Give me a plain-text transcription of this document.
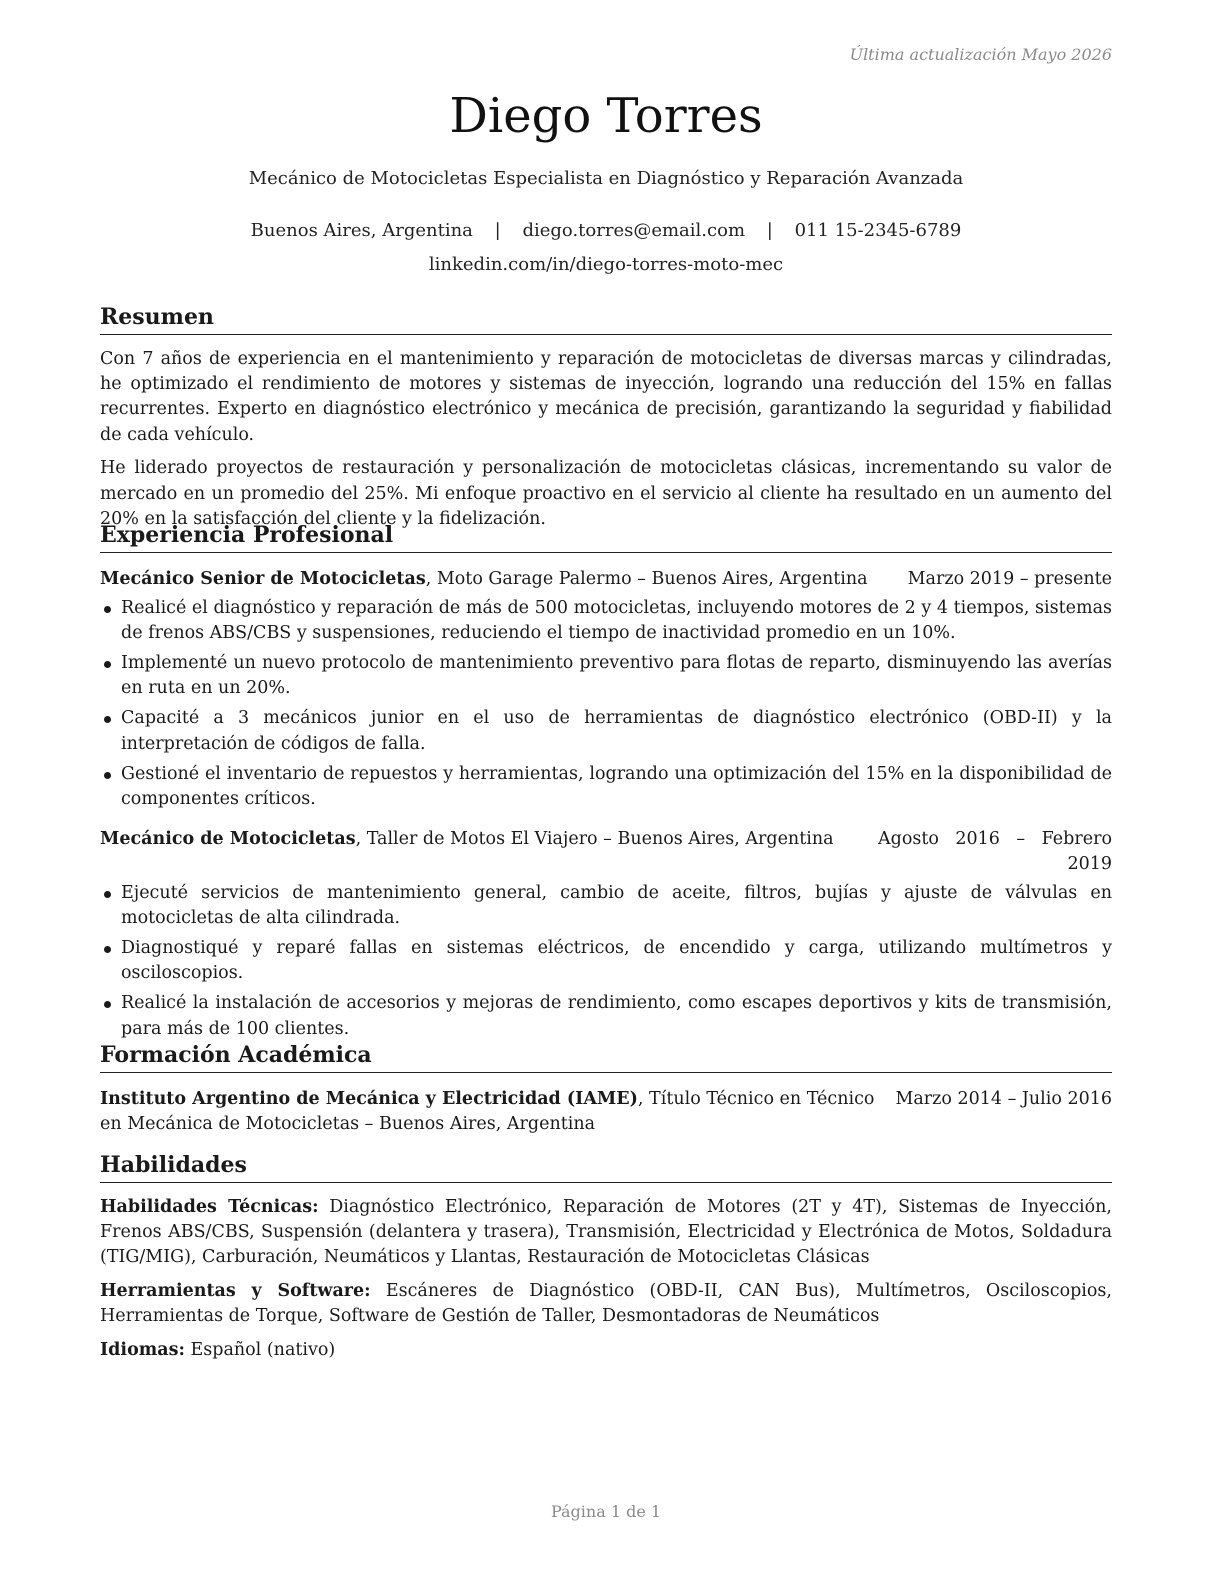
Última actualización Mayo 2026
Diego Torres
Mecánico de Motocicletas Especialista en Diagnóstico y Reparación Avanzada
Buenos Aires, Argentina | diego.torres@email.com | 011 15-2345-6789
linkedin.com/in/diego-torres-moto-mec
Resumen

Con 7 años de experiencia en el mantenimiento y reparación de motocicletas de diversas marcas y cilindradas, he optimizado el rendimiento de motores y sistemas de inyección, logrando una reducción del 15% en fallas recurrentes. Experto en diagnóstico electrónico y mecánica de precisión, garantizando la seguridad y fiabilidad de cada vehículo.

He liderado proyectos de restauración y personalización de motocicletas clásicas, incrementando su valor de mercado en un promedio del 25%. Mi enfoque proactivo en el servicio al cliente ha resultado en un aumento del 20% en la satisfacción del cliente y la fidelización.

Experiencia Profesional
Mecánico Senior de Motocicletas, Moto Garage Palermo – Buenos Aires, Argentina	Marzo 2019 – presente
Realicé el diagnóstico y reparación de más de 500 motocicletas, incluyendo motores de 2 y 4 tiempos, sistemas de frenos ABS/CBS y suspensiones, reduciendo el tiempo de inactividad promedio en un 10%.
Implementé un nuevo protocolo de mantenimiento preventivo para flotas de reparto, disminuyendo las averías en ruta en un 20%.
Capacité a 3 mecánicos junior en el uso de herramientas de diagnóstico electrónico (OBD-II) y la interpretación de códigos de falla.
Gestioné el inventario de repuestos y herramientas, logrando una optimización del 15% en la disponibilidad de componentes críticos.
Mecánico de Motocicletas, Taller de Motos El Viajero – Buenos Aires, Argentina	Agosto 2016 – Febrero 2019
Ejecuté servicios de mantenimiento general, cambio de aceite, filtros, bujías y ajuste de válvulas en motocicletas de alta cilindrada.
Diagnostiqué y reparé fallas en sistemas eléctricos, de encendido y carga, utilizando multímetros y osciloscopios.
Realicé la instalación de accesorios y mejoras de rendimiento, como escapes deportivos y kits de transmisión, para más de 100 clientes.
Formación Académica
Instituto Argentino de Mecánica y Electricidad (IAME), Título Técnico en Técnico en Mecánica de Motocicletas – Buenos Aires, Argentina
Marzo 2014 – Julio 2016
Habilidades

Habilidades Técnicas: Diagnóstico Electrónico, Reparación de Motores (2T y 4T), Sistemas de Inyección, Frenos ABS/CBS, Suspensión (delantera y trasera), Transmisión, Electricidad y Electrónica de Motos, Soldadura (TIG/MIG), Carburación, Neumáticos y Llantas, Restauración de Motocicletas Clásicas

Herramientas y Software: Escáneres de Diagnóstico (OBD-II, CAN Bus), Multímetros, Osciloscopios, Herramientas de Torque, Software de Gestión de Taller, Desmontadoras de Neumáticos

Idiomas: Español (nativo)

Página 1 de 1
